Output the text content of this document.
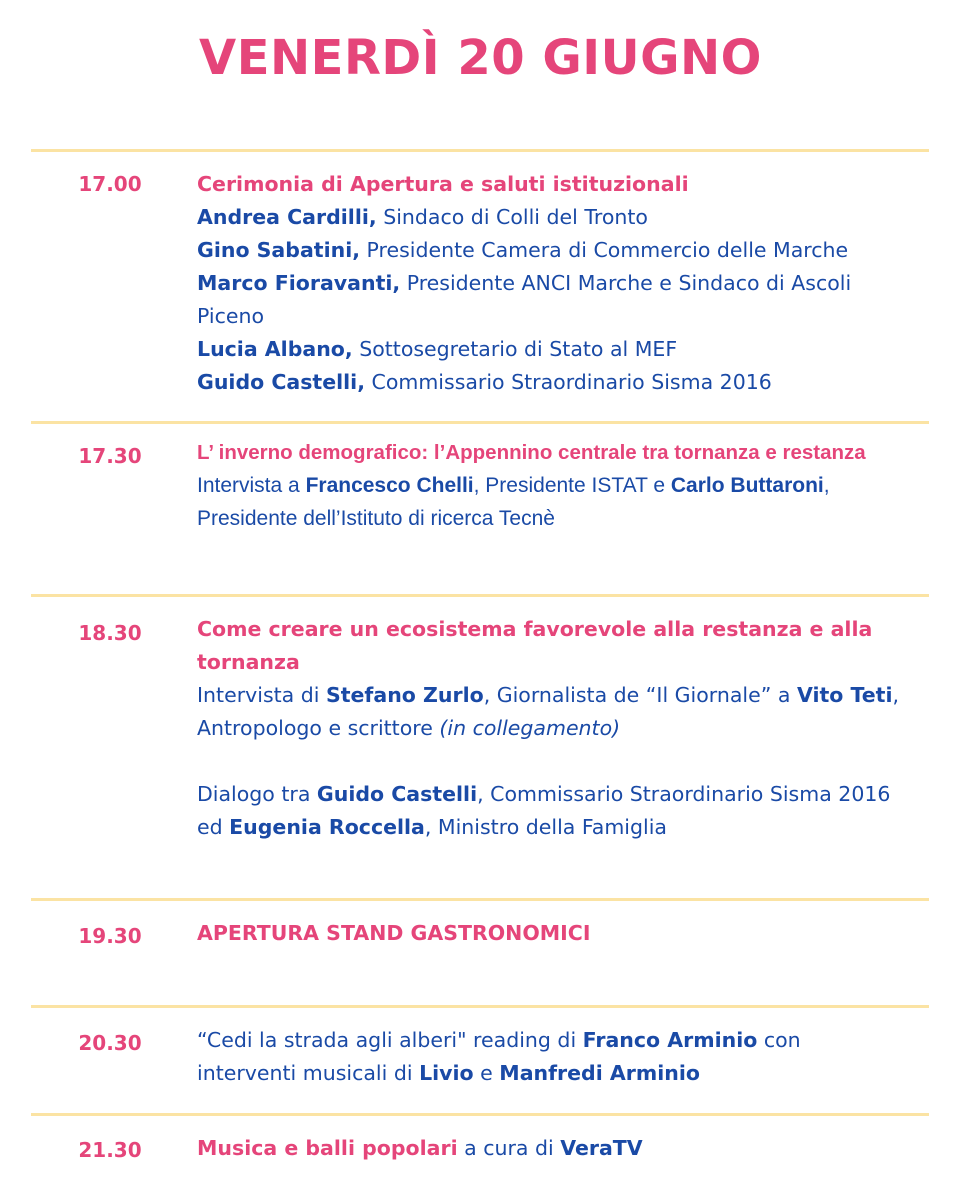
VENERDÌ 20 GIUGNO
17.00	Cerimonia di Apertura e saluti istituzionali

Andrea Cardilli, Sindaco di Colli del Tronto

Gino Sabatini, Presidente Camera di Commercio delle Marche

Marco Fioravanti, Presidente ANCI Marche e Sindaco di Ascoli Piceno

Lucia Albano, Sottosegretario di Stato al MEF

Guido Castelli, Commissario Straordinario Sisma 2016

17.30	L’ inverno demografico: l’Appennino centrale tra tornanza e restanza

Intervista a Francesco Chelli, Presidente ISTAT e Carlo Buttaroni, Presidente dell’Istituto di ricerca Tecnè

18.30	Come creare un ecosistema favorevole alla restanza e alla tornanza

Intervista di Stefano Zurlo, Giornalista de “Il Giornale” a Vito Teti, Antropologo e scrittore (in collegamento)

Dialogo tra Guido Castelli, Commissario Straordinario Sisma 2016 ed Eugenia Roccella, Ministro della Famiglia

19.30	APERTURA STAND GASTRONOMICI

20.30	“Cedi la strada agli alberi" reading di Franco Arminio con interventi musicali di Livio e Manfredi Arminio

21.30	Musica e balli popolari a cura di VeraTV
